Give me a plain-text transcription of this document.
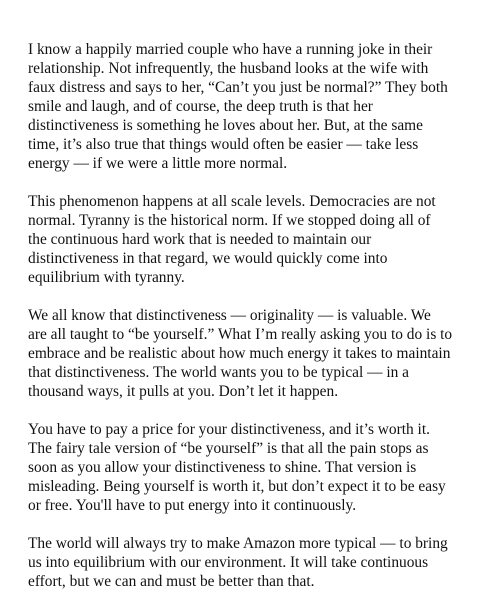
I know a happily married couple who have a running joke in their relationship. Not infrequently, the husband looks at the wife with faux distress and says to her, “Can’t you just be normal?” They both smile and laugh, and of course, the deep truth is that her distinctiveness is something he loves about her. But, at the same time, it’s also true that things would often be easier — take less energy — if we were a little more normal.

This phenomenon happens at all scale levels. Democracies are not normal. Tyranny is the historical norm. If we stopped doing all of the continuous hard work that is needed to maintain our distinctiveness in that regard, we would quickly come into equilibrium with tyranny.

We all know that distinctiveness — originality — is valuable. We are all taught to “be yourself.” What I’m really asking you to do is to embrace and be realistic about how much energy it takes to maintain that distinctiveness. The world wants you to be typical — in a thousand ways, it pulls at you. Don’t let it happen.

You have to pay a price for your distinctiveness, and it’s worth it. The fairy tale version of “be yourself” is that all the pain stops as soon as you allow your distinctiveness to shine. That version is misleading. Being yourself is worth it, but don’t expect it to be easy or free. You'll have to put energy into it continuously.

The world will always try to make Amazon more typical — to bring us into equilibrium with our environment. It will take continuous effort, but we can and must be better than that.
